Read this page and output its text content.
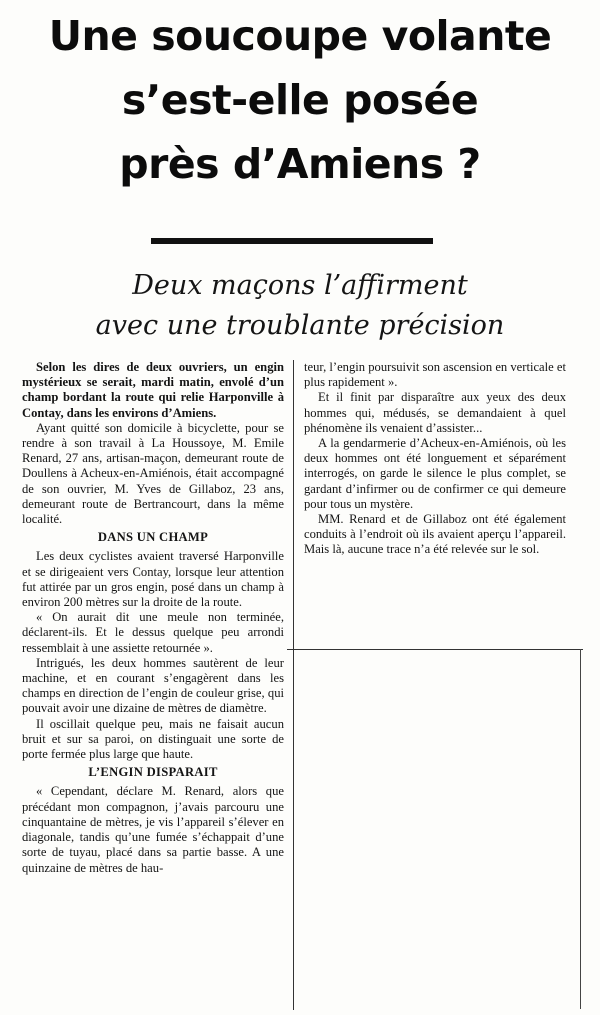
Une soucoupe volante
s’est-elle posée
près d’Amiens ?
Deux maçons l’affirment
avec une troublante précision

Selon les dires de deux ouvriers, un engin mystérieux se serait, mardi matin, envolé d’un champ bordant la route qui relie Harponville à Contay, dans les environs d’Amiens.

Ayant quitté son domicile à bicyclette, pour se rendre à son travail à La Houssoye, M. Emile Renard, 27 ans, artisan-maçon, demeurant route de Doullens à Acheux-en-Amiénois, était accompagné de son ouvrier, M. Yves de Gillaboz, 23 ans, demeurant route de Bertrancourt, dans la même localité.

DANS UN CHAMP

Les deux cyclistes avaient traversé Harponville et se dirigeaient vers Contay, lorsque leur attention fut attirée par un gros engin, posé dans un champ à environ 200 mètres sur la droite de la route.

« On aurait dit une meule non terminée, déclarent-ils. Et le dessus quelque peu arrondi ressemblait à une assiette retournée ».

Intrigués, les deux hommes sautèrent de leur machine, et en courant s’engagèrent dans les champs en direction de l’engin de couleur grise, qui pouvait avoir une dizaine de mètres de diamètre.

Il oscillait quelque peu, mais ne faisait aucun bruit et sur sa paroi, on distinguait une sorte de porte fermée plus large que haute.

L’ENGIN DISPARAIT

« Cependant, déclare M. Renard, alors que précédant mon compagnon, j’avais parcouru une cinquantaine de mètres, je vis l’appareil s’élever en diagonale, tandis qu’une fumée s’échappait d’une sorte de tuyau, placé dans sa partie basse. A une quinzaine de mètres de hau-

teur, l’engin poursuivit son ascension en verticale et plus rapidement ».

Et il finit par disparaître aux yeux des deux hommes qui, médusés, se demandaient à quel phénomène ils venaient d’assister...

A la gendarmerie d’Acheux-en-Amiénois, où les deux hommes ont été longuement et séparément interrogés, on garde le silence le plus complet, se gardant d’infirmer ou de confirmer ce qui demeure pour tous un mystère.

MM. Renard et de Gillaboz ont été également conduits à l’endroit où ils avaient aperçu l’appareil. Mais là, aucune trace n’a été relevée sur le sol.
